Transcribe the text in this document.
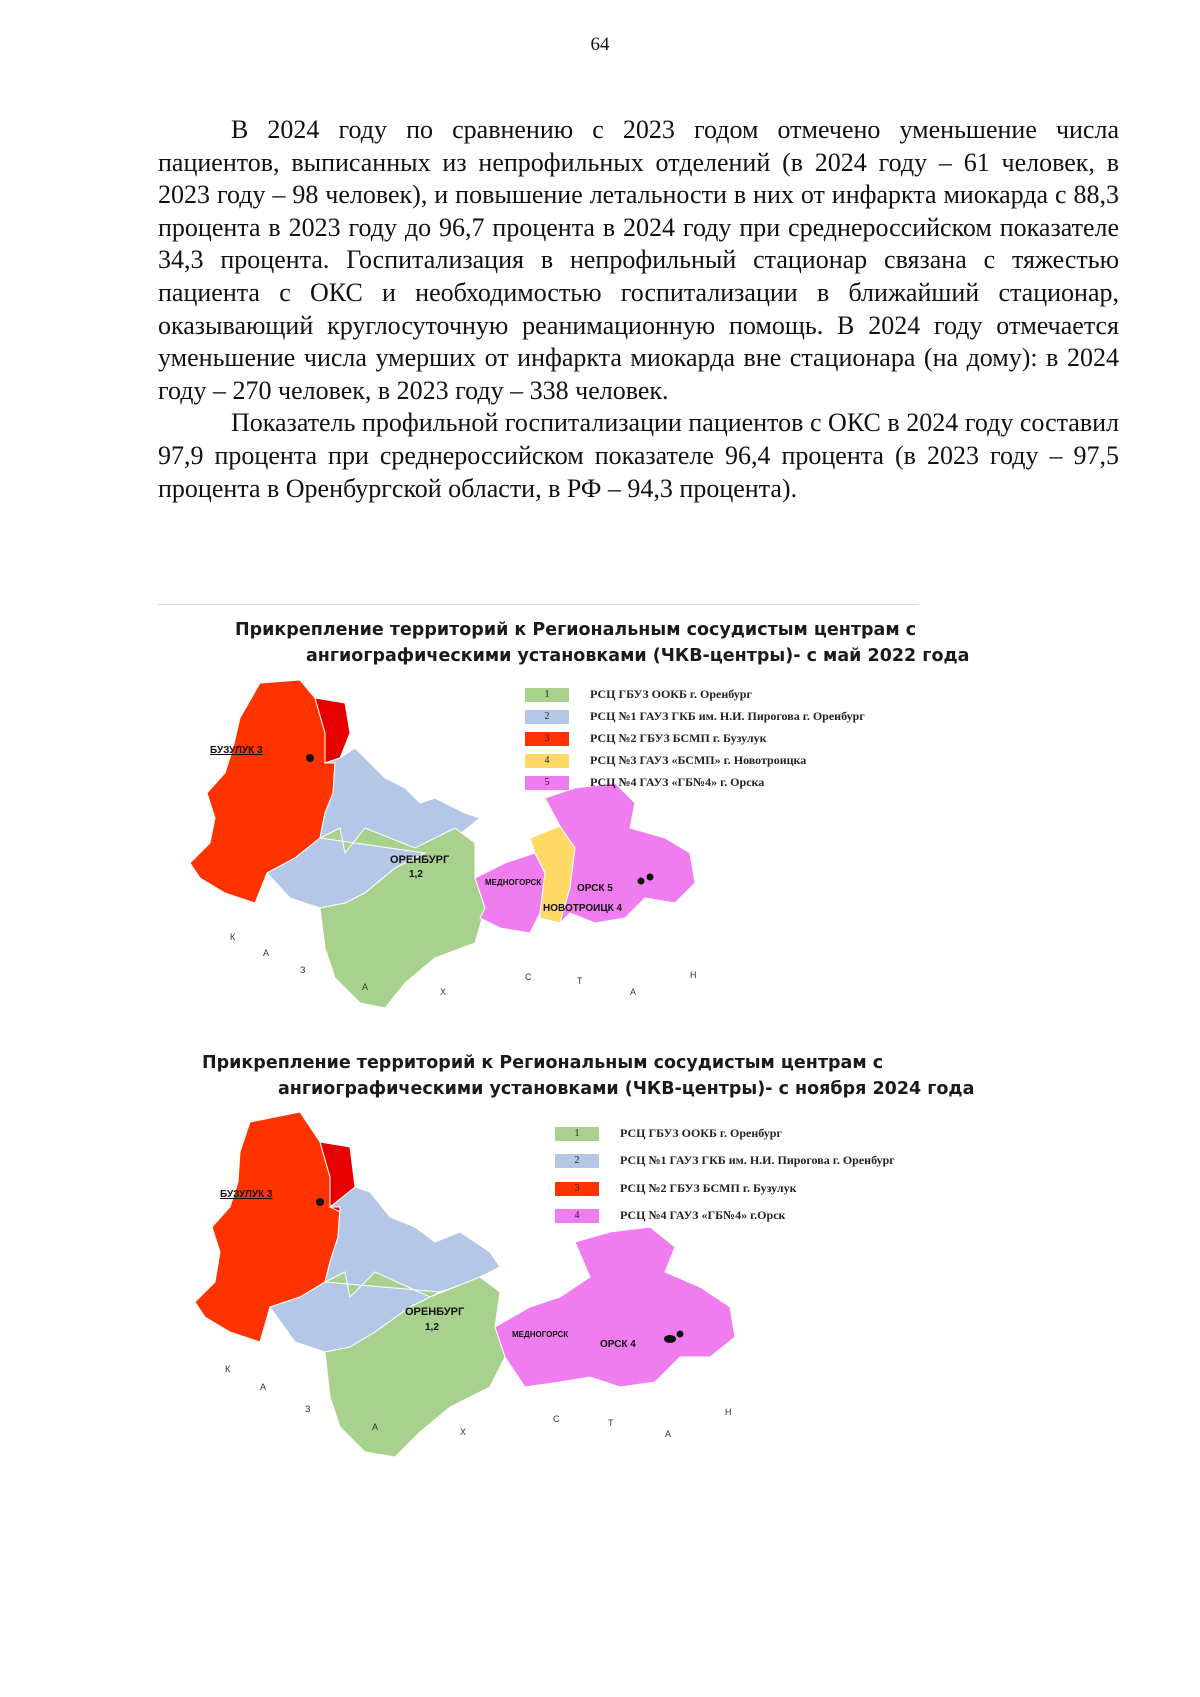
64

В 2024 году по сравнению с 2023 годом отмечено уменьшение числа пациентов, выписанных из непрофильных отделений (в 2024 году – 61 человек, в 2023 году – 98 человек), и повышение летальности в них от инфаркта миокарда с 88,3 процента в 2023 году до 96,7 процента в 2024 году при среднероссийском показателе 34,3 процента. Госпитализация в непрофильный стационар связана с тяжестью пациента с ОКС и необходимостью госпитализации в ближайший стационар, оказывающий круглосуточную реанимационную помощь. В 2024 году отмечается уменьшение числа умерших от инфаркта миокарда вне стационара (на дому): в 2024 году – 270 человек, в 2023 году – 338 человек.

Показатель профильной госпитализации пациентов с ОКС в 2024 году составил 97,9 процента при среднероссийском показателе 96,4 процента (в 2023 году – 97,5 процента в Оренбургской области, в РФ – 94,3 процента).

Прикрепление территорий к Региональным сосудистым центрам с
ангиографическими установками (ЧКВ-центры)- с май 2022 года
БУЗУЛУК 3
ОРЕНБУРГ
1,2
МЕДНОГОРСК
ОРСК 5
НОВОТРОИЦК 4
К
А
З
А	Х
С	Т
А
Н
1	РСЦ ГБУЗ ООКБ г. Оренбург
2	РСЦ №1 ГАУЗ ГКБ им. Н.И. Пирогова г. Оренбург
3	РСЦ №2 ГБУЗ БСМП г. Бузулук
4	РСЦ №3 ГАУЗ «БСМП» г. Новотроицка
5	РСЦ №4 ГАУЗ «ГБ№4» г. Орска
Прикрепление территорий к Региональным сосудистым центрам с
ангиографическими установками (ЧКВ-центры)- с ноября 2024 года
БУЗУЛУК 3
ОРЕНБУРГ
1,2
МЕДНОГОРСК
ОРСК 4
К
А
З
А	Х
С	Т
А
Н
1	РСЦ ГБУЗ ООКБ г. Оренбург
2	РСЦ №1 ГАУЗ ГКБ им. Н.И. Пирогова г. Оренбург
3	РСЦ №2 ГБУЗ БСМП г. Бузулук
4	РСЦ №4 ГАУЗ «ГБ№4» г.Орск
